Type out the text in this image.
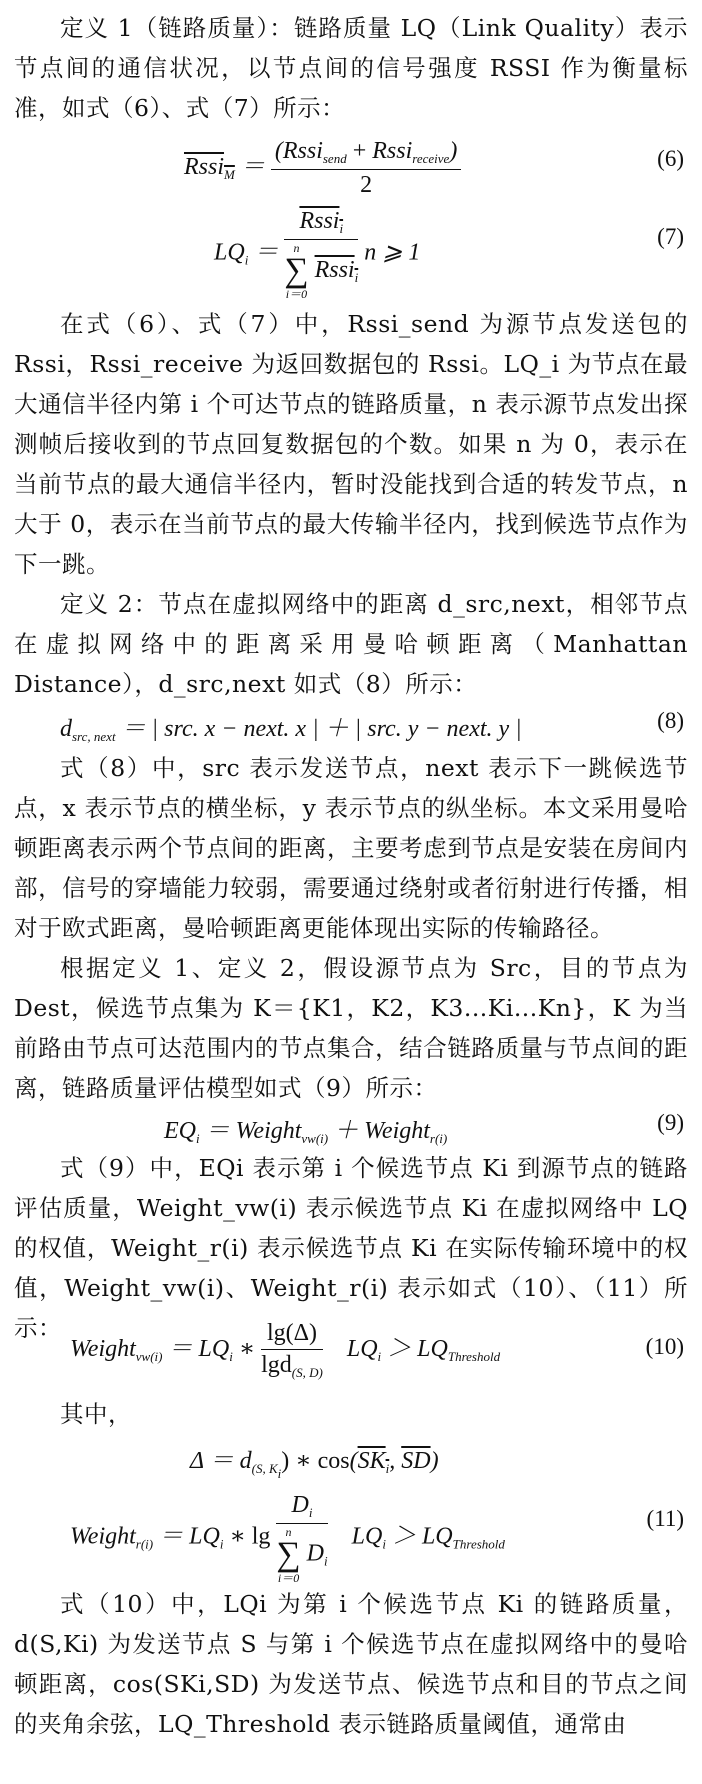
定义 1（链路质量）：链路质量 LQ（Link Quality）表示节点间的通信状况，以节点间的信号强度 RSSI 作为衡量标准，如式（6）、式（7）所示：

Rssi$_M$ ＝ $\frac{(Rssi_{send} + Rssi_{receive})}{2}$	(6)
$LQ_i$ ＝ Rssi$_i$
n
∑
i＝0
Rssi$_i$ n ⩾ 1
(7)

在式（6）、式（7）中，Rssi_send 为源节点发送包的 Rssi，Rssi_receive 为返回数据包的 Rssi。LQ_i 为节点在最大通信半径内第 i 个可达节点的链路质量，n 表示源节点发出探测帧后接收到的节点回复数据包的个数。如果 n 为 0，表示在当前节点的最大通信半径内，暂时没能找到合适的转发节点，n 大于 0，表示在当前节点的最大传输半径内，找到候选节点作为下一跳。

定义 2：节点在虚拟网络中的距离 d_src,next，相邻节点在虚拟网络中的距离采用曼哈顿距离（Manhattan Distance），d_src,next 如式（8）所示：

$d_{src, next}$ ＝ | src. x − next. x | ＋ | src. y − next. y |	(8)

式（8）中，src 表示发送节点，next 表示下一跳候选节点，x 表示节点的横坐标，y 表示节点的纵坐标。本文采用曼哈顿距离表示两个节点间的距离，主要考虑到节点是安装在房间内部，信号的穿墙能力较弱，需要通过绕射或者衍射进行传播，相对于欧式距离，曼哈顿距离更能体现出实际的传输路径。

根据定义 1、定义 2，假设源节点为 Src，目的节点为 Dest，候选节点集为 K＝{K1，K2，K3...Ki...Kn}，K 为当前路由节点可达范围内的节点集合，结合链路质量与节点间的距离，链路质量评估模型如式（9）所示：

$EQ_i$ ＝ Weight$_{vw(i)}$ ＋ Weight$_{r(i)}$
(9)

式（9）中，EQi 表示第 i 个候选节点 Ki 到源节点的链路评估质量，Weight_vw(i) 表示候选节点 Ki 在虚拟网络中 LQ 的权值，Weight_r(i) 表示候选节点 Ki 在实际传输环境中的权值，Weight_vw(i)、Weight_r(i) 表示如式（10）、（11）所示：

Weight$_{vw(i)}$ ＝ $LQ_i$ ∗ $\frac{\lg(\Delta)}{\lg d_{(S, D)}} LQ_i > LQ_{Threshold}$	(10)

其中，

$\Delta = d_{(S, K_i}$) ∗ $\cos(SK_i$, $\overline{SD}$)
Weight$_{r(i)}$ ＝ $LQ_i$ ∗ $\lg D_i$
n
∑
i＝0
$D_i$ $LQ_i > LQ_{Threshold}$
(11)

式（10）中，LQi 为第 i 个候选节点 Ki 的链路质量，d(S,Ki) 为发送节点 S 与第 i 个候选节点在虚拟网络中的曼哈顿距离，cos(SKi,SD) 为发送节点、候选节点和目的节点之间的夹角余弦，LQ_Threshold 表示链路质量阈值，通常由
